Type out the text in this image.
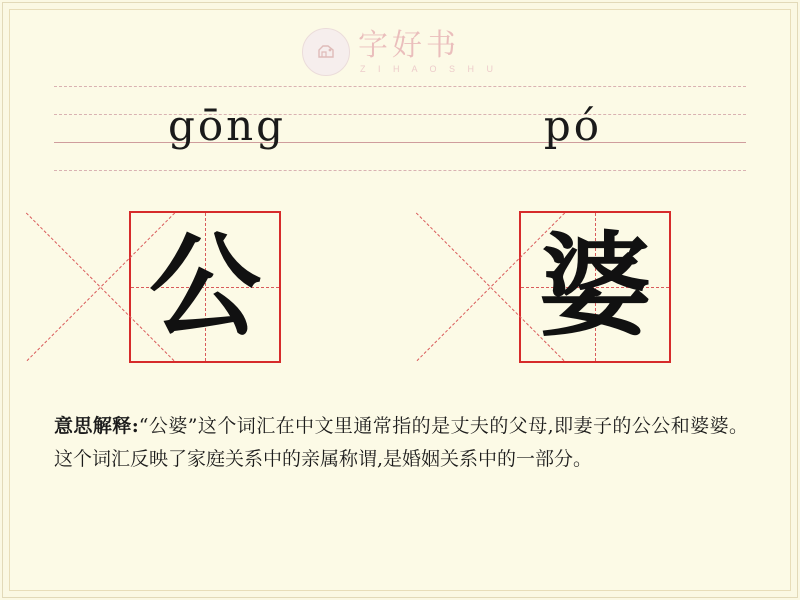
字好书
Z I H A O S H U
gōng	pó
公 婆
意思解释:“公婆”这个词汇在中文里通常指的是丈夫的父母,即妻子的公公和婆婆。这个词汇反映了家庭关系中的亲属称谓,是婚姻关系中的一部分。
